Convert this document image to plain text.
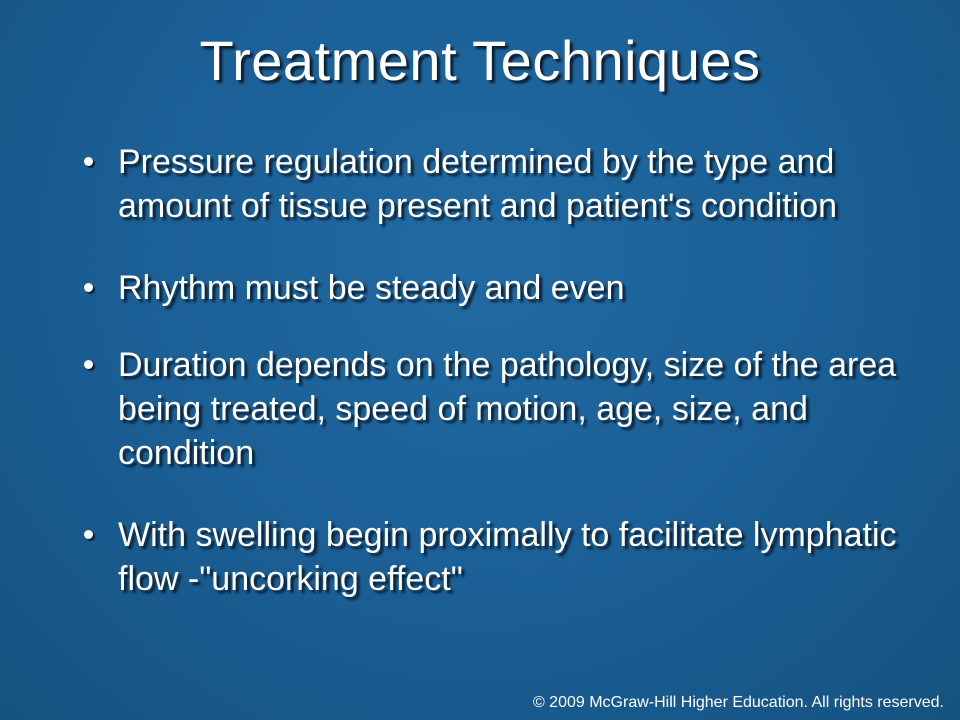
Treatment Techniques
Pressure regulation determined by the type and amount of tissue present and patient's condition
Rhythm must be steady and even
Duration depends on the pathology, size of the area being treated, speed of motion, age, size, and condition
With swelling begin proximally to facilitate lymphatic flow -"uncorking effect"
© 2009 McGraw-Hill Higher Education. All rights reserved.
